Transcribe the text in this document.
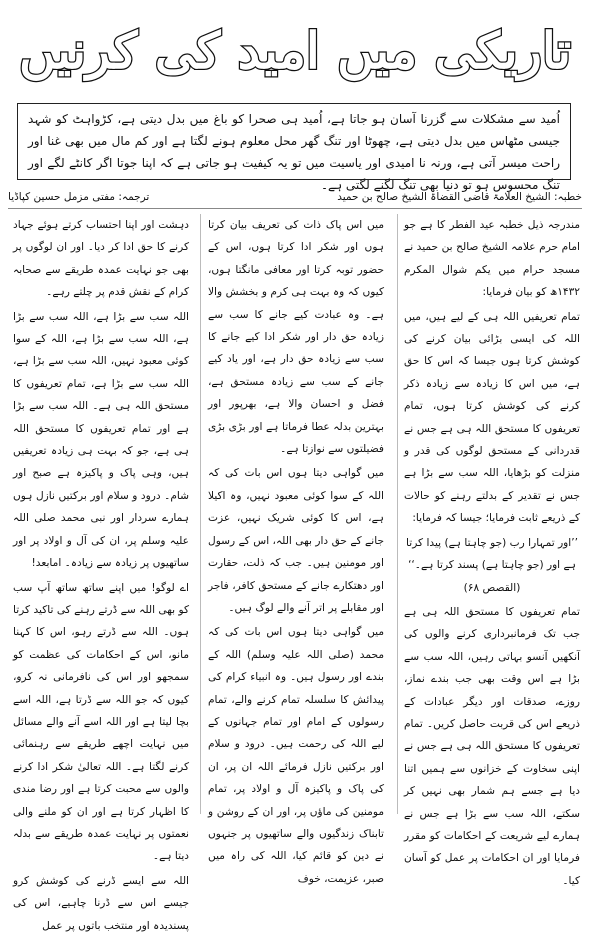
تاریکی میں امید کی کرنیں

اُمید سے مشکلات سے گزرنا آسان ہو جاتا ہے، اُمید ہی صحرا کو باغ میں بدل دیتی ہے، کڑواہٹ کو شہد جیسی مٹھاس میں بدل دیتی ہے، چھوٹا اور تنگ گھر محل معلوم ہونے لگتا ہے اور کم مال میں بھی غنا اور راحت میسر آتی ہے، ورنہ نا امیدی اور یاسیت میں تو یہ کیفیت ہو جاتی ہے کہ اپنا جوتا اگر کانٹے لگے اور تنگ محسوس ہو تو دنیا بھی تنگ لگنے لگتی ہے۔

خطبہ: الشیخ العلامۃ قاضی القضاۃ الشیخ صالح بن حمید
ترجمہ: مفتی مزمل حسین کپاڈیا

مندرجہ ذیل خطبہ عید الفطر کا ہے جو امام حرم علامہ الشیخ صالح بن حمید نے مسجد حرام میں یکم شوال المکرم ۱۴۳۲ھ کو بیان فرمایا:

تمام تعریفیں اللہ ہی کے لیے ہیں، میں اللہ کی ایسی بڑائی بیان کرنے کی کوشش کرتا ہوں جیسا کہ اس کا حق ہے، میں اس کا زیادہ سے زیادہ ذکر کرنے کی کوشش کرتا ہوں، تمام تعریفوں کا مستحق اللہ ہی ہے جس نے قدردانی کے مستحق لوگوں کی قدر و منزلت کو بڑھایا، اللہ سب سے بڑا ہے جس نے تقدیر کے بدلتے رہنے کو حالات کے ذریعے ثابت فرمایا؛ جیسا کہ فرمایا:

’’اور تمہارا رب (جو چاہتا ہے) پیدا کرتا ہے اور (جو چاہتا ہے) پسند کرتا ہے۔‘‘ (القصص ۶۸)

تمام تعریفوں کا مستحق اللہ ہی ہے جب تک فرمانبرداری کرنے والوں کی آنکھیں آنسو بہاتی رہیں، اللہ سب سے بڑا ہے اس وقت بھی جب بندے نماز، روزے، صدقات اور دیگر عبادات کے ذریعے اس کی قربت حاصل کریں۔ تمام تعریفوں کا مستحق اللہ ہی ہے جس نے اپنی سخاوت کے خزانوں سے ہمیں اتنا دیا ہے جسے ہم شمار بھی نہیں کر سکتے، اللہ سب سے بڑا ہے جس نے ہمارے لیے شریعت کے احکامات کو مقرر فرمایا اور ان احکامات پر عمل کو آسان کیا۔

میں اس پاک ذات کی تعریف بیان کرتا ہوں اور شکر ادا کرتا ہوں، اس کے حضور توبہ کرتا اور معافی مانگتا ہوں، کیوں کہ وہ بہت ہی کرم و بخشش والا ہے۔ وہ عبادت کیے جانے کا سب سے زیادہ حق دار اور شکر ادا کیے جانے کا سب سے زیادہ حق دار ہے، اور یاد کیے جانے کے سب سے زیادہ مستحق ہے، فضل و احسان والا ہے، بھرپور اور بہترین بدلہ عطا فرماتا ہے اور بڑی بڑی فضیلتوں سے نوازتا ہے۔

میں گواہی دیتا ہوں اس بات کی کہ اللہ کے سوا کوئی معبود نہیں، وہ اکیلا ہے، اس کا کوئی شریک نہیں، عزت جانے کے حق دار بھی اللہ، اس کے رسول اور مومنین ہیں۔ جب کہ ذلت، حقارت اور دھتکارے جانے کے مستحق کافر، فاجر اور مقابلے پر اتر آنے والے لوگ ہیں۔

میں گواہی دیتا ہوں اس بات کی کہ محمد (صلی اللہ علیہ وسلم) اللہ کے بندے اور رسول ہیں۔ وہ انبیاء کرام کی پیدائش کا سلسلہ تمام کرنے والے، تمام رسولوں کے امام اور تمام جہانوں کے لیے اللہ کی رحمت ہیں۔ درود و سلام اور برکتیں نازل فرمائے اللہ ان پر، ان کی پاک و پاکیزہ آل و اولاد پر، تمام مومنین کی ماؤں پر، اور ان کے روشن و تابناک زندگیوں والے ساتھیوں پر جنہوں نے دین کو قائم کیا، اللہ کی راہ میں صبر، عزیمت، خوف

دہشت اور اپنا احتساب کرتے ہوئے جہاد کرنے کا حق ادا کر دیا۔ اور ان لوگوں پر بھی جو نہایت عمدہ طریقے سے صحابہ کرام کے نقش قدم پر چلتے رہے۔

اللہ سب سے بڑا ہے، اللہ سب سے بڑا ہے، اللہ سب سے بڑا ہے، اللہ کے سوا کوئی معبود نہیں، اللہ سب سے بڑا ہے، اللہ سب سے بڑا ہے، تمام تعریفوں کا مستحق اللہ ہی ہے۔ اللہ سب سے بڑا ہے اور تمام تعریفوں کا مستحق اللہ ہی ہے، جو کہ بہت ہی زیادہ تعریفیں ہیں، وہی پاک و پاکیزہ ہے صبح اور شام۔ درود و سلام اور برکتیں نازل ہوں ہمارے سردار اور نبی محمد صلی اللہ علیہ وسلم پر، ان کی آل و اولاد پر اور ساتھیوں پر زیادہ سے زیادہ۔ امابعد!

اے لوگو! میں اپنے ساتھ ساتھ آپ سب کو بھی اللہ سے ڈرتے رہنے کی تاکید کرتا ہوں۔ اللہ سے ڈرتے رہو، اس کا کہنا مانو، اس کے احکامات کی عظمت کو سمجھو اور اس کی نافرمانی نہ کرو، کیوں کہ جو اللہ سے ڈرتا ہے، اللہ اسے بچا لیتا ہے اور اللہ اسے آنے والے مسائل میں نہایت اچھے طریقے سے رہنمائی کرنے لگتا ہے۔ اللہ تعالیٰ شکر ادا کرنے والوں سے محبت کرتا ہے اور رضا مندی کا اظہار کرتا ہے اور ان کو ملنے والی نعمتوں پر نہایت عمدہ طریقے سے بدلہ دیتا ہے۔

اللہ سے ایسے ڈرنے کی کوشش کرو جیسے اس سے ڈرنا چاہیے، اس کی پسندیدہ اور منتخب باتوں پر عمل
